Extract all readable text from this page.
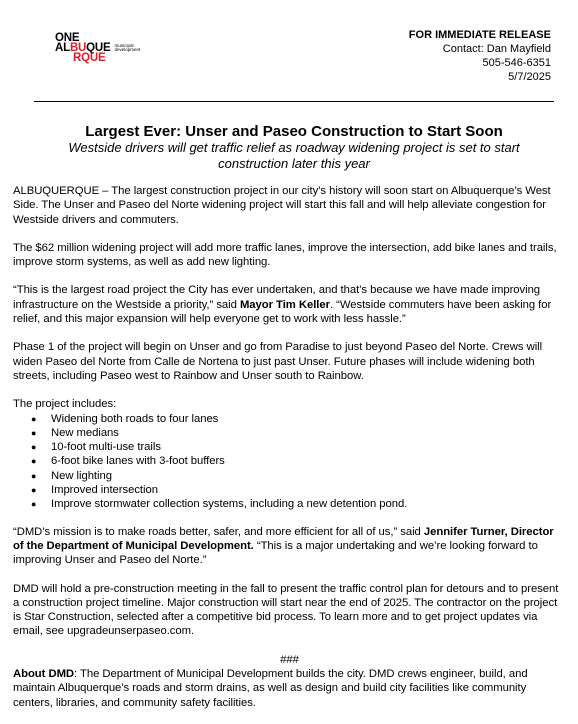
ONE
AL BU QUE municipal
development
RQUE
FOR IMMEDIATE RELEASE
Contact: Dan Mayfield
505-546-6351
5/7/2025
Largest Ever: Unser and Paseo Construction to Start Soon
Westside drivers will get traffic relief as roadway widening project is set to start construction later this year

ALBUQUERQUE – The largest construction project in our city’s history will soon start on Albuquerque’s West Side. The Unser and Paseo del Norte widening project will start this fall and will help alleviate congestion for Westside drivers and commuters.

The $62 million widening project will add more traffic lanes, improve the intersection, add bike lanes and trails, improve storm systems, as well as add new lighting.

“This is the largest road project the City has ever undertaken, and that’s because we have made improving infrastructure on the Westside a priority,” said Mayor Tim Keller. “Westside commuters have been asking for relief, and this major expansion will help everyone get to work with less hassle.”

Phase 1 of the project will begin on Unser and go from Paradise to just beyond Paseo del Norte. Crews will widen Paseo del Norte from Calle de Nortena to just past Unser. Future phases will include widening both streets, including Paseo west to Rainbow and Unser south to Rainbow.

The project includes:
● Widening both roads to four lanes
● New medians
● 10-foot multi-use trails
● 6-foot bike lanes with 3-foot buffers
● New lighting
● Improved intersection
● Improve stormwater collection systems, including a new detention pond.

“DMD’s mission is to make roads better, safer, and more efficient for all of us,” said Jennifer Turner, Director of the Department of Municipal Development. “This is a major undertaking and we’re looking forward to improving Unser and Paseo del Norte.”

DMD will hold a pre-construction meeting in the fall to present the traffic control plan for detours and to present a construction project timeline. Major construction will start near the end of 2025. The contractor on the project is Star Construction, selected after a competitive bid process. To learn more and to get project updates via email, see upgradeunserpaseo.com.

###

About DMD: The Department of Municipal Development builds the city. DMD crews engineer, build, and maintain Albuquerque’s roads and storm drains, as well as design and build city facilities like community centers, libraries, and community safety facilities.
